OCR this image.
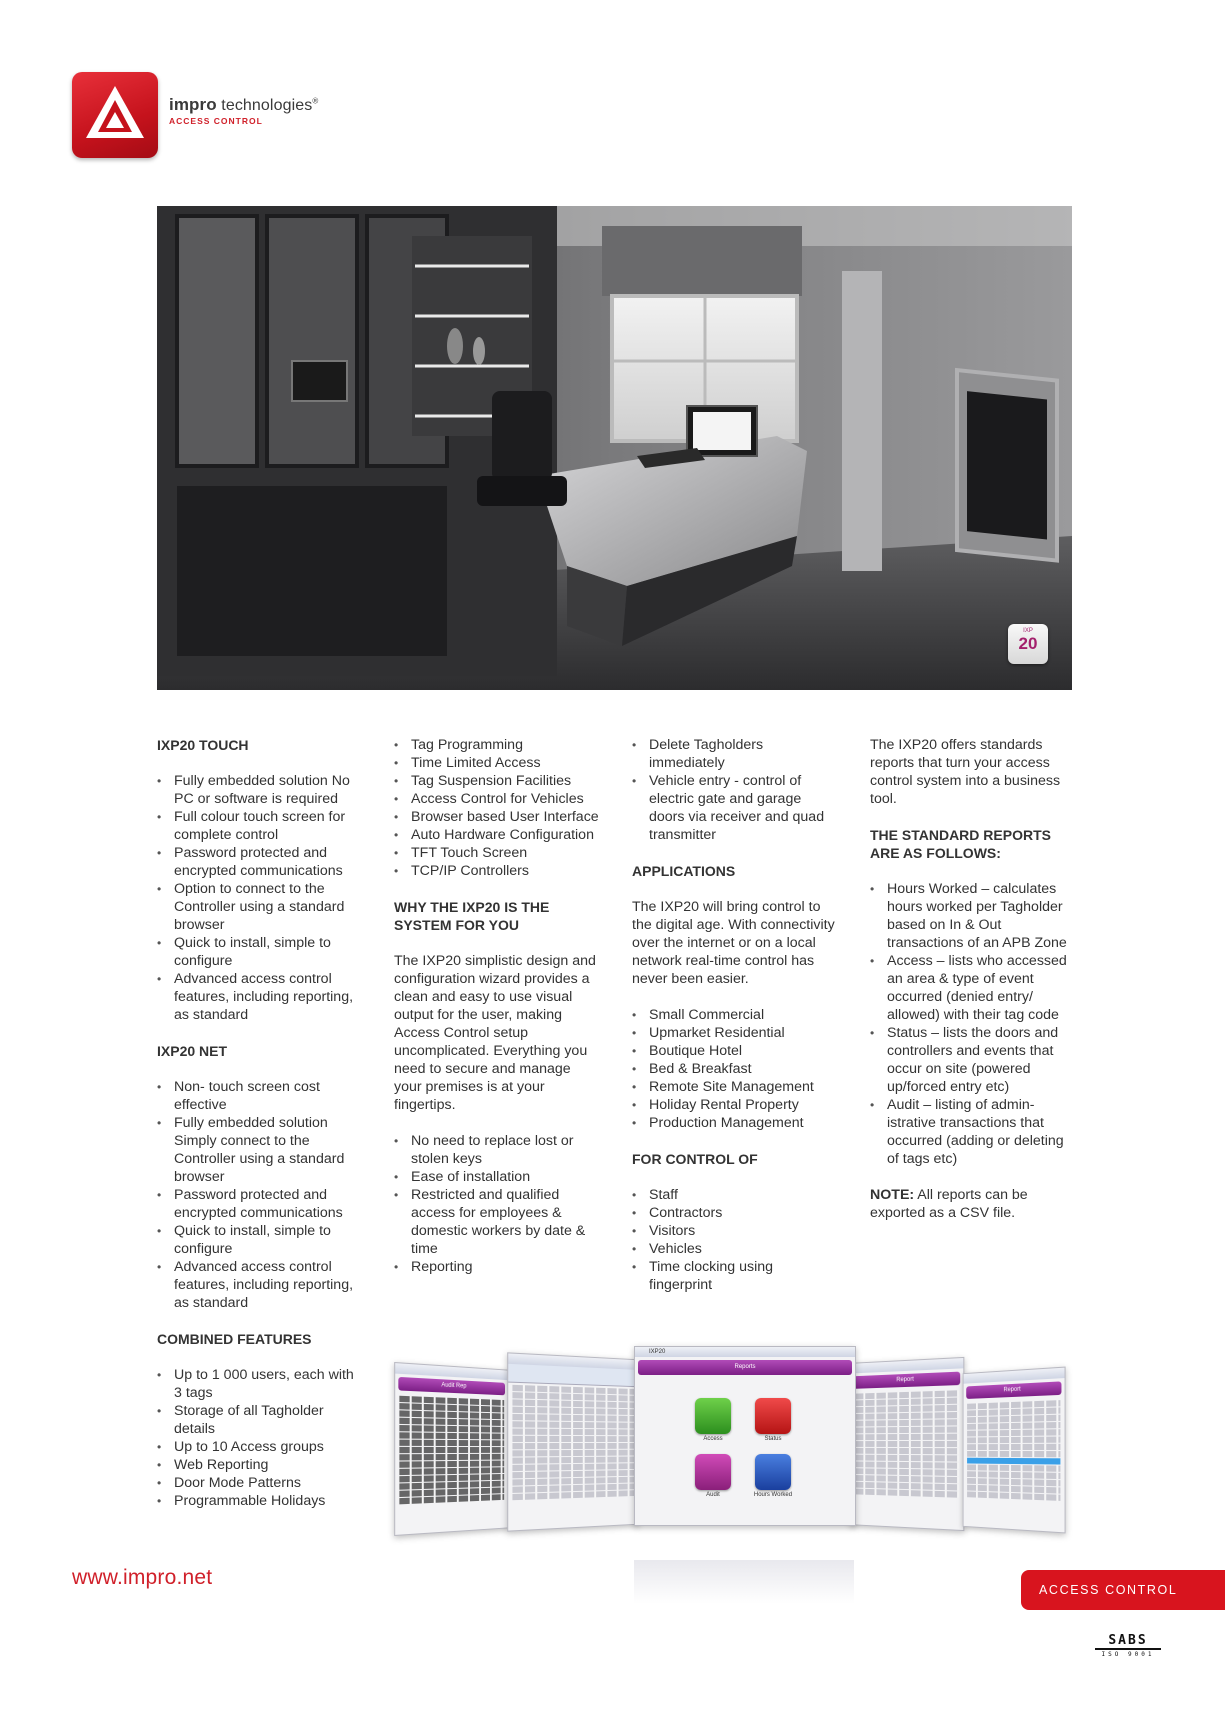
impro technologies®
ACCESS CONTROL
IXP
20
IXP20 TOUCH
• Fully embedded solution No PC or software is required
• Full colour touch screen for complete control
• Password protected and encrypted communications
• Option to connect to the Controller using a standard browser
• Quick to install, simple to configure
• Advanced access control features, including reporting, as standard
IXP20 NET
• Non- touch screen cost effective
• Fully embedded solution Simply connect to the Controller using a standard browser
• Password protected and encrypted communications
• Quick to install, simple to configure
• Advanced access control features, including reporting, as standard
COMBINED FEATURES
• Up to 1 000 users, each with 3 tags
• Storage of all Tagholder details
• Up to 10 Access groups
• Web Reporting
• Door Mode Patterns
• Programmable Holidays
• Tag Programming
• Time Limited Access
• Tag Suspension Facilities
• Access Control for Vehicles
• Browser based User Interface
• Auto Hardware Configuration
• TFT Touch Screen
• TCP/IP Controllers
WHY THE IXP20 IS THE
SYSTEM FOR YOU

The IXP20 simplistic design and configuration wizard provides a clean and easy to use visual output for the user, making Access Control setup uncomplicated. Everything you need to secure and manage your premises is at your fingertips.

• No need to replace lost or stolen keys
• Ease of installation
• Restricted and qualified access for employees & domestic workers by date & time
• Reporting
• Delete Tagholders immediately
• Vehicle entry - control of electric gate and garage doors via receiver and quad transmitter
APPLICATIONS

The IXP20 will bring control to the digital age. With connectivity over the internet or on a local network real-time control has never been easier.

• Small Commercial
• Upmarket Residential
• Boutique Hotel
• Bed & Breakfast
• Remote Site Management
• Holiday Rental Property
• Production Management
FOR CONTROL OF
• Staff
• Contractors
• Visitors
• Vehicles
• Time clocking using fingerprint

The IXP20 offers standards reports that turn your access control system into a business tool.

THE STANDARD REPORTS
ARE AS FOLLOWS:
• Hours Worked – calculates hours worked per Tagholder based on In & Out transactions of an APB Zone
• Access – lists who accessed an area & type of event occurred (denied entry/ allowed) with their tag code
• Status – lists the doors and controllers and events that occur on site (powered up/forced entry etc)
• Audit – listing of admin- istrative transactions that occurred (adding or deleting of tags etc)

NOTE: All reports can be exported as a CSV file.

Audit Rep
IXP20
Reports
Access	Status
Audit	Hours Worked
Report
Report
www.impro.net
ACCESS CONTROL
SABS
ISO 9001
